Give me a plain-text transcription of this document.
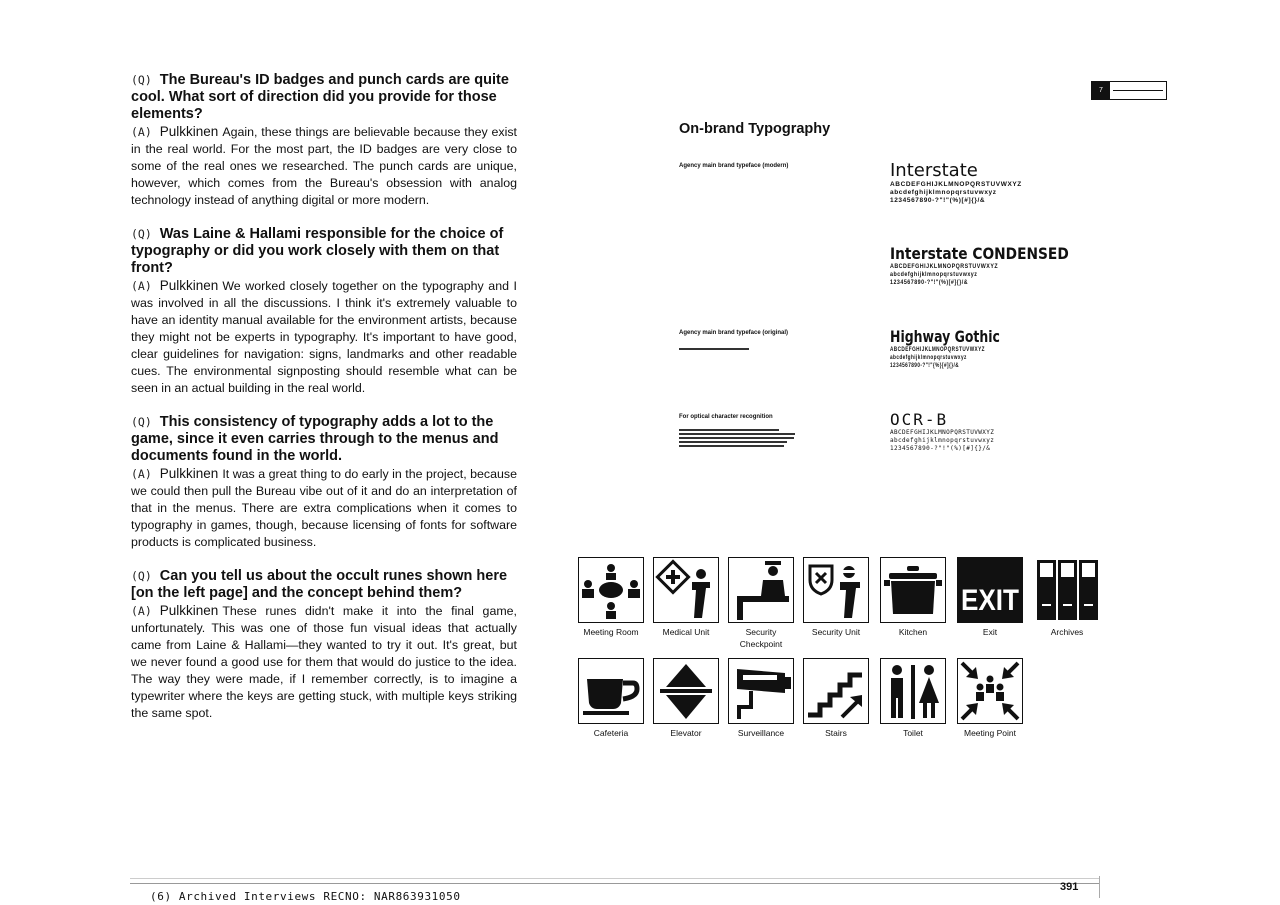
(Q) The Bureau's ID badges and punch cards are quite cool. What sort of direction did you provide for those elements?

(A) Pulkkinen Again, these things are believable because they exist in the real world. For the most part, the ID badges are very close to some of the real ones we researched. The punch cards are unique, however, which comes from the Bureau's obsession with analog technology instead of anything digital or more modern.

(Q) Was Laine & Hallami responsible for the choice of typography or did you work closely with them on that front?

(A) Pulkkinen We worked closely together on the typography and I was involved in all the discussions. I think it's extremely valuable to have an identity manual available for the environment artists, because they might not be experts in typography. It's important to have good, clear guidelines for navigation: signs, landmarks and other readable cues. The environmental signposting should resemble what can be seen in an actual building in the real world.

(Q) This consistency of typography adds a lot to the game, since it even carries through to the menus and documents found in the world.

(A) Pulkkinen It was a great thing to do early in the project, because we could then pull the Bureau vibe out of it and do an interpretation of that in the menus. There are extra complications when it comes to typography in games, though, because licensing of fonts for software products is complicated business.

(Q) Can you tell us about the occult runes shown here [on the left page] and the concept behind them?

(A) Pulkkinen These runes didn't make it into the final game, unfortunately. This was one of those fun visual ideas that actually came from Laine & Hallami—they wanted to try it out. It's great, but we never found a good use for them that would do justice to the idea. The way they were made, if I remember correctly, is to imagine a typewriter where the keys are getting stuck, with multiple keys striking the same spot.

7

On-brand Typography
Agency main brand typeface (modern)
Agency main brand typeface (original)
For optical character recognition

Interstate

ABCDEFGHIJKLMNOPQRSTUVWXYZ
abcdefghijklmnopqrstuvwxyz
1234567890-?"!"(%)[#]{}/&

Interstate CONDENSED

ABCDEFGHIJKLMNOPQRSTUVWXYZ
abcdefghijklmnopqrstuvwxyz
1234567890-?"!"(%)[#]{}/&

Highway Gothic

ABCDEFGHIJKLMNOPQRSTUVWXYZ
abcdefghijklmnopqrstuvwxyz
1234567890-?"!"{%}[#]{}/&

OCR-B

ABCDEFGHIJKLMNOPQRSTUVWXYZ
abcdefghijklmnopqrstuvwxyz
1234567890-?"!"(%)[#]{}/&
Meeting Room	Medical Unit	Security Checkpoint
Security Unit	Kitchen
EXIT
Exit	Archives
Cafeteria	Elevator	Surveillance	Stairs	Toilet	Meeting Point
(6) Archived Interviews RECNO: NAR863931050
391
